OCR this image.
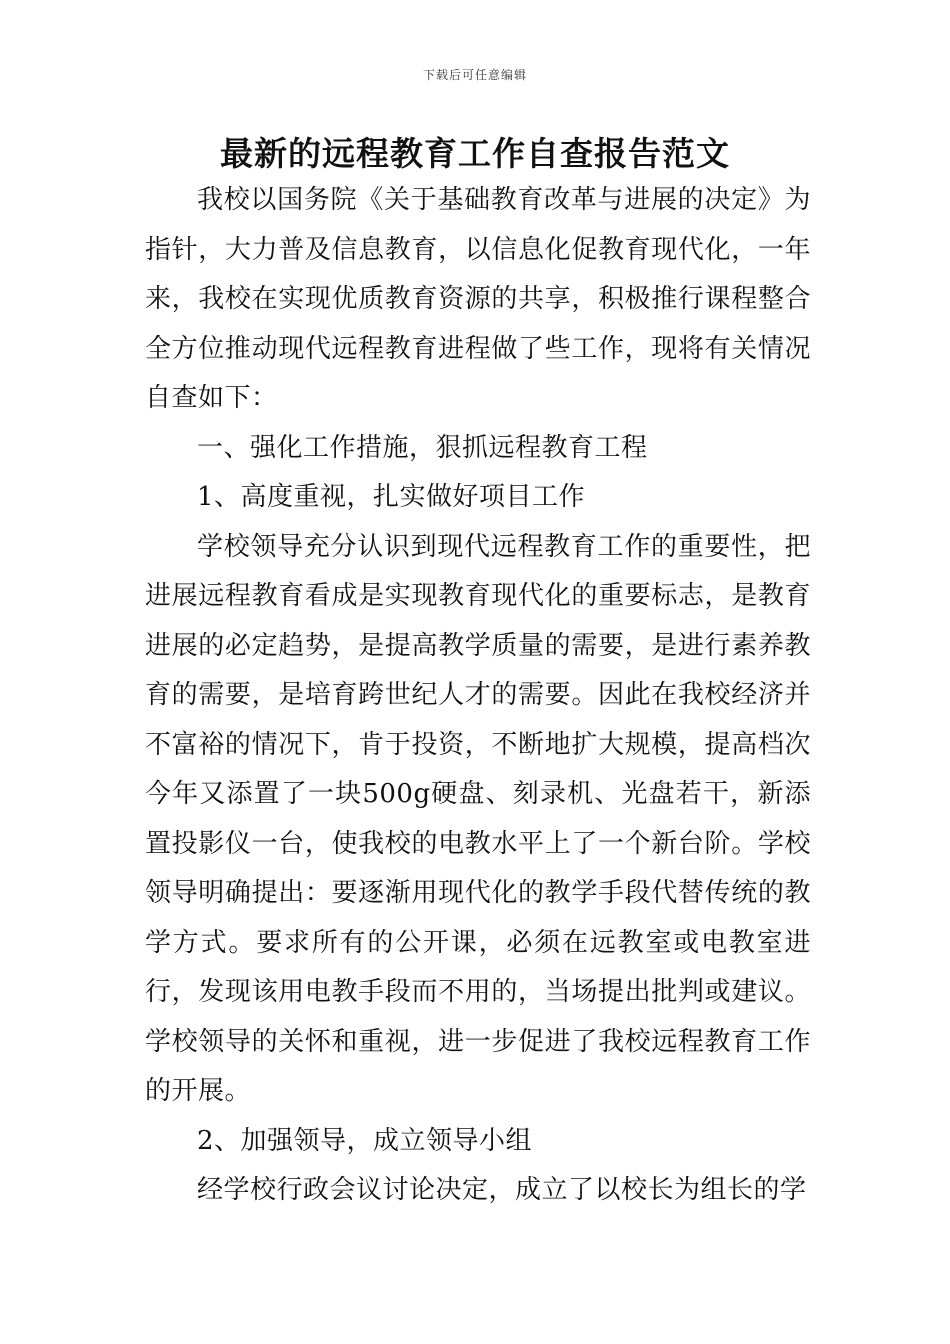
下载后可任意编辑
最新的远程教育工作自查报告范文

我校以国务院《关于基础教育改革与进展的决定》为指针，大力普及信息教育，以信息化促教育现代化，一年来，我校在实现优质教育资源的共享，积极推行课程整合全方位推动现代远程教育进程做了些工作，现将有关情况自查如下：

一、强化工作措施，狠抓远程教育工程

1、高度重视，扎实做好项目工作

学校领导充分认识到现代远程教育工作的重要性，把进展远程教育看成是实现教育现代化的重要标志，是教育进展的必定趋势，是提高教学质量的需要，是进行素养教育的需要，是培育跨世纪人才的需要。因此在我校经济并不富裕的情况下，肯于投资，不断地扩大规模，提高档次今年又添置了一块500g硬盘、刻录机、光盘若干，新添置投影仪一台，使我校的电教水平上了一个新台阶。学校领导明确提出：要逐渐用现代化的教学手段代替传统的教学方式。要求所有的公开课，必须在远教室或电教室进行，发现该用电教手段而不用的，当场提出批判或建议。学校领导的关怀和重视，进一步促进了我校远程教育工作的开展。

2、加强领导，成立领导小组

经学校行政会议讨论决定，成立了以校长为组长的学
